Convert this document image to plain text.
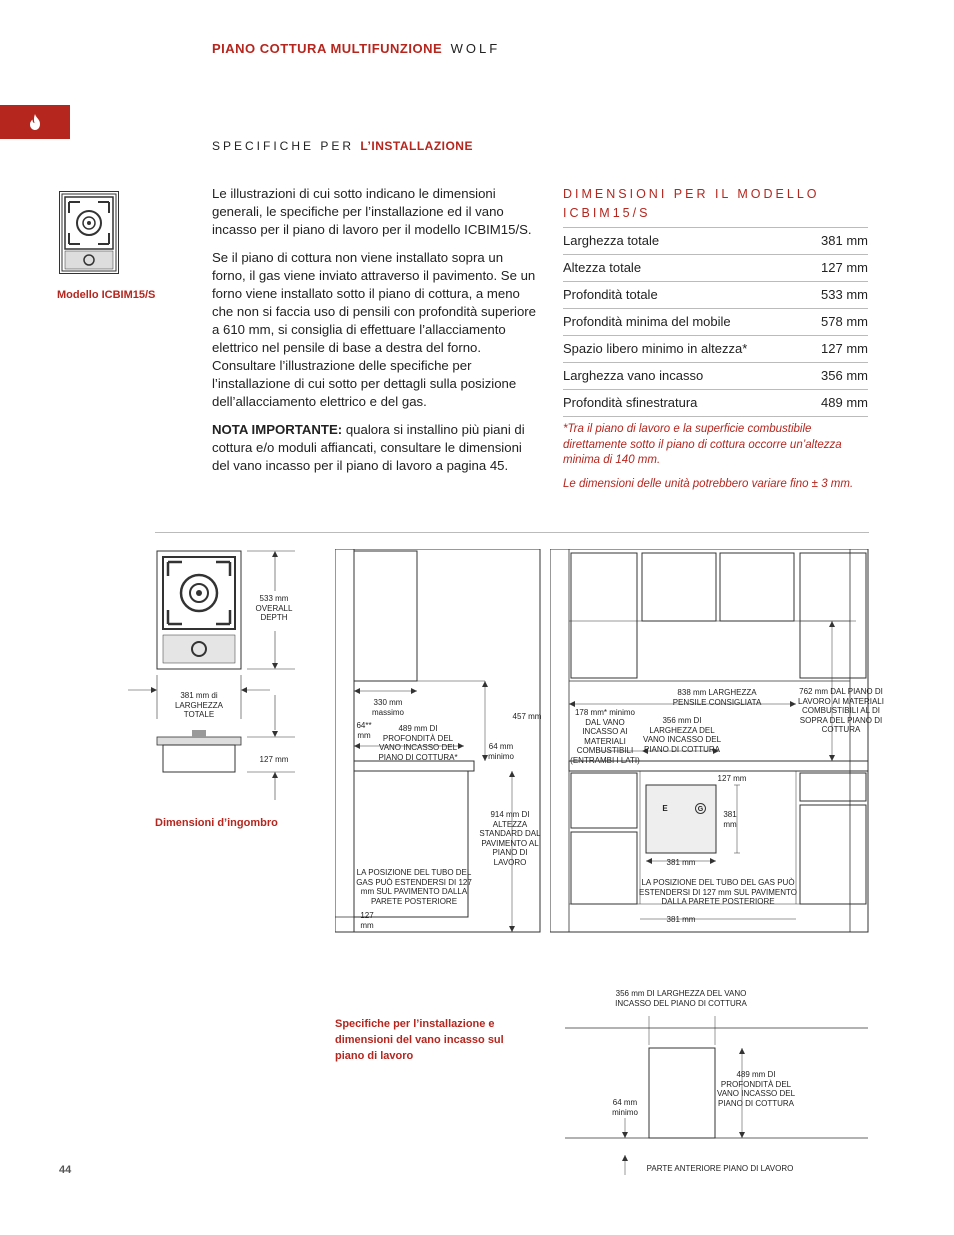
PIANO COTTURA MULTIFUNZIONE WOLF
SPECIFICHE PER L’INSTALLAZIONE
Modello ICBIM15/S

Le illustrazioni di cui sotto indicano le dimensioni generali, le specifiche per l’installazione ed il vano incasso per il piano di lavoro per il modello ICBIM15/S.

Se il piano di cottura non viene installato sopra un forno, il gas viene inviato attraverso il pavimento. Se un forno viene installato sotto il piano di cottura, a meno che non si faccia uso di pensili con profondità superiore a 610 mm, si consiglia di effettuare l’allacciamento elettrico nel pensile di base a destra del forno. Consultare l’illustrazione delle specifiche per l’installazione di cui sotto per dettagli sulla posizione dell’allacciamento elettrico e del gas.

NOTA IMPORTANTE: qualora si installino più piani di cottura e/o moduli affiancati, consultare le dimensioni del vano incasso per il piano di lavoro a pagina 45.

DIMENSIONI PER IL MODELLO
ICBIM15/S
Larghezza totale	381 mm
Altezza totale	127 mm
Profondità totale	533 mm
Profondità minima del mobile	578 mm
Spazio libero minimo in altezza*	127 mm
Larghezza vano incasso	356 mm
Profondità sfinestratura	489 mm
*Tra il piano di lavoro e la superficie combustibile direttamente sotto il piano di cottura occorre un’altezza minima di 140 mm.
Le dimensioni delle unità potrebbero variare fino ± 3 mm.
533 mm OVERALL DEPTH
381 mm di LARGHEZZA TOTALE
127 mm
Dimensioni d’ingombro
330 mm massimo
64** mm
489 mm DI PROFONDITÀ DEL VANO INCASSO DEL PIANO DI COTTURA*
457 mm
64 mm minimo
914 mm DI ALTEZZA STANDARD DAL PAVIMENTO AL PIANO DI LAVORO
LA POSIZIONE DEL TUBO DEL GAS PUÒ ESTENDERSI DI 127 mm SUL PAVIMENTO DALLA PARETE POSTERIORE
127 mm
E	G
838 mm LARGHEZZA PENSILE CONSIGLIATA
762 mm DAL PIANO DI LAVORO AI MATERIALI COMBUSTIBILI AL DI SOPRA DEL PIANO DI COTTURA
178 mm* minimo DAL VANO INCASSO AI MATERIALI COMBUSTIBILI (ENTRAMBI I LATI)
356 mm DI LARGHEZZA DEL VANO INCASSO DEL PIANO DI COTTURA
127 mm
381 mm
381 mm
LA POSIZIONE DEL TUBO DEL GAS PUÒ ESTENDERSI DI 127 mm SUL PAVIMENTO DALLA PARETE POSTERIORE
381 mm
Specifiche per l’installazione e dimensioni del vano incasso sul piano di lavoro
356 mm DI LARGHEZZA DEL VANO INCASSO DEL PIANO DI COTTURA
489 mm DI PROFONDITÀ DEL VANO INCASSO DEL PIANO DI COTTURA
64 mm minimo
PARTE ANTERIORE PIANO DI LAVORO
44
